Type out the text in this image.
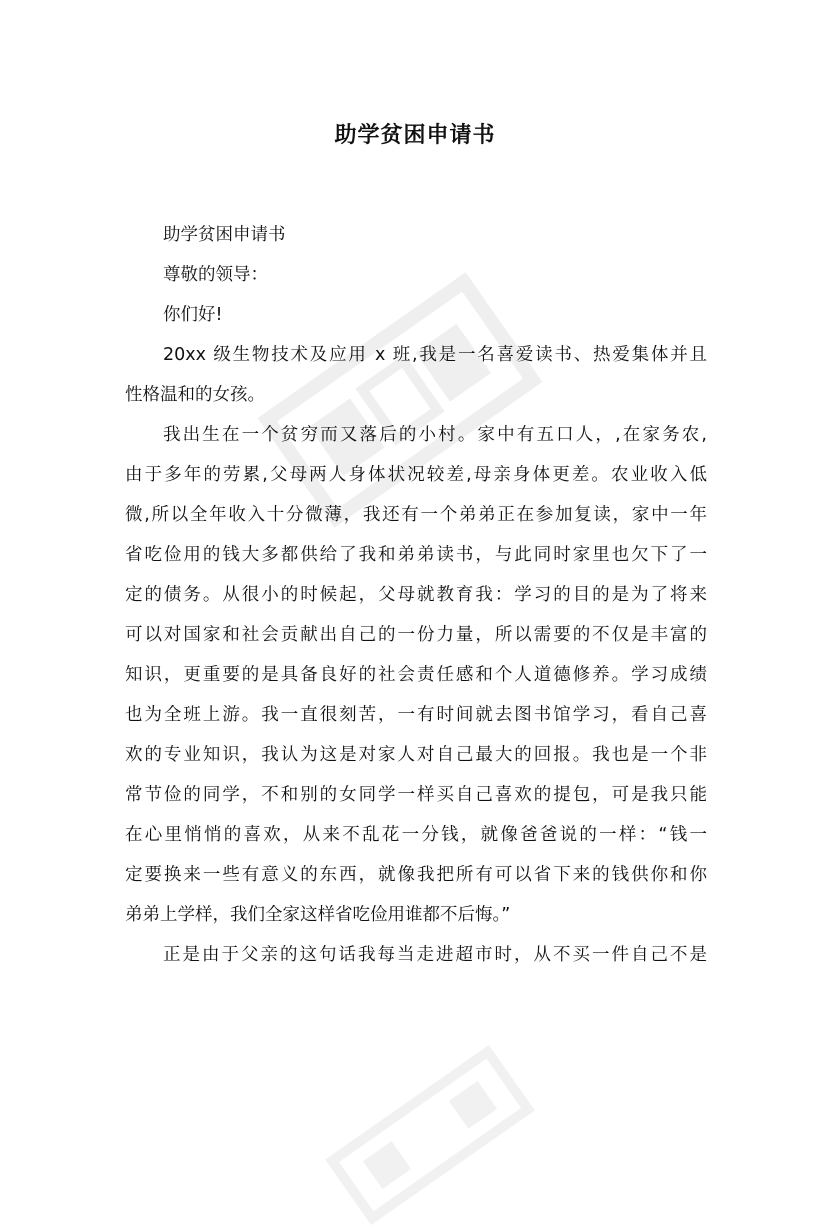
助学贫困申请书
助学贫困申请书
尊敬的领导：
你们好!
20xx 级生物技术及应用 x 班,我是一名喜爱读书、热爱集体并且
性格温和的女孩。
我出生在一个贫穷而又落后的小村。家中有五口人，,在家务农,
由于多年的劳累,父母两人身体状况较差,母亲身体更差。农业收入低
微,所以全年收入十分微薄，我还有一个弟弟正在参加复读，家中一年
省吃俭用的钱大多都供给了我和弟弟读书，与此同时家里也欠下了一
定的债务。从很小的时候起，父母就教育我：学习的目的是为了将来
可以对国家和社会贡献出自己的一份力量，所以需要的不仅是丰富的
知识，更重要的是具备良好的社会责任感和个人道德修养。学习成绩
也为全班上游。我一直很刻苦，一有时间就去图书馆学习，看自己喜
欢的专业知识，我认为这是对家人对自己最大的回报。我也是一个非
常节俭的同学，不和别的女同学一样买自己喜欢的提包，可是我只能
在心里悄悄的喜欢，从来不乱花一分钱，就像爸爸说的一样：“钱一
定要换来一些有意义的东西，就像我把所有可以省下来的钱供你和你
弟弟上学样，我们全家这样省吃俭用谁都不后悔。”
正是由于父亲的这句话我每当走进超市时，从不买一件自己不是
